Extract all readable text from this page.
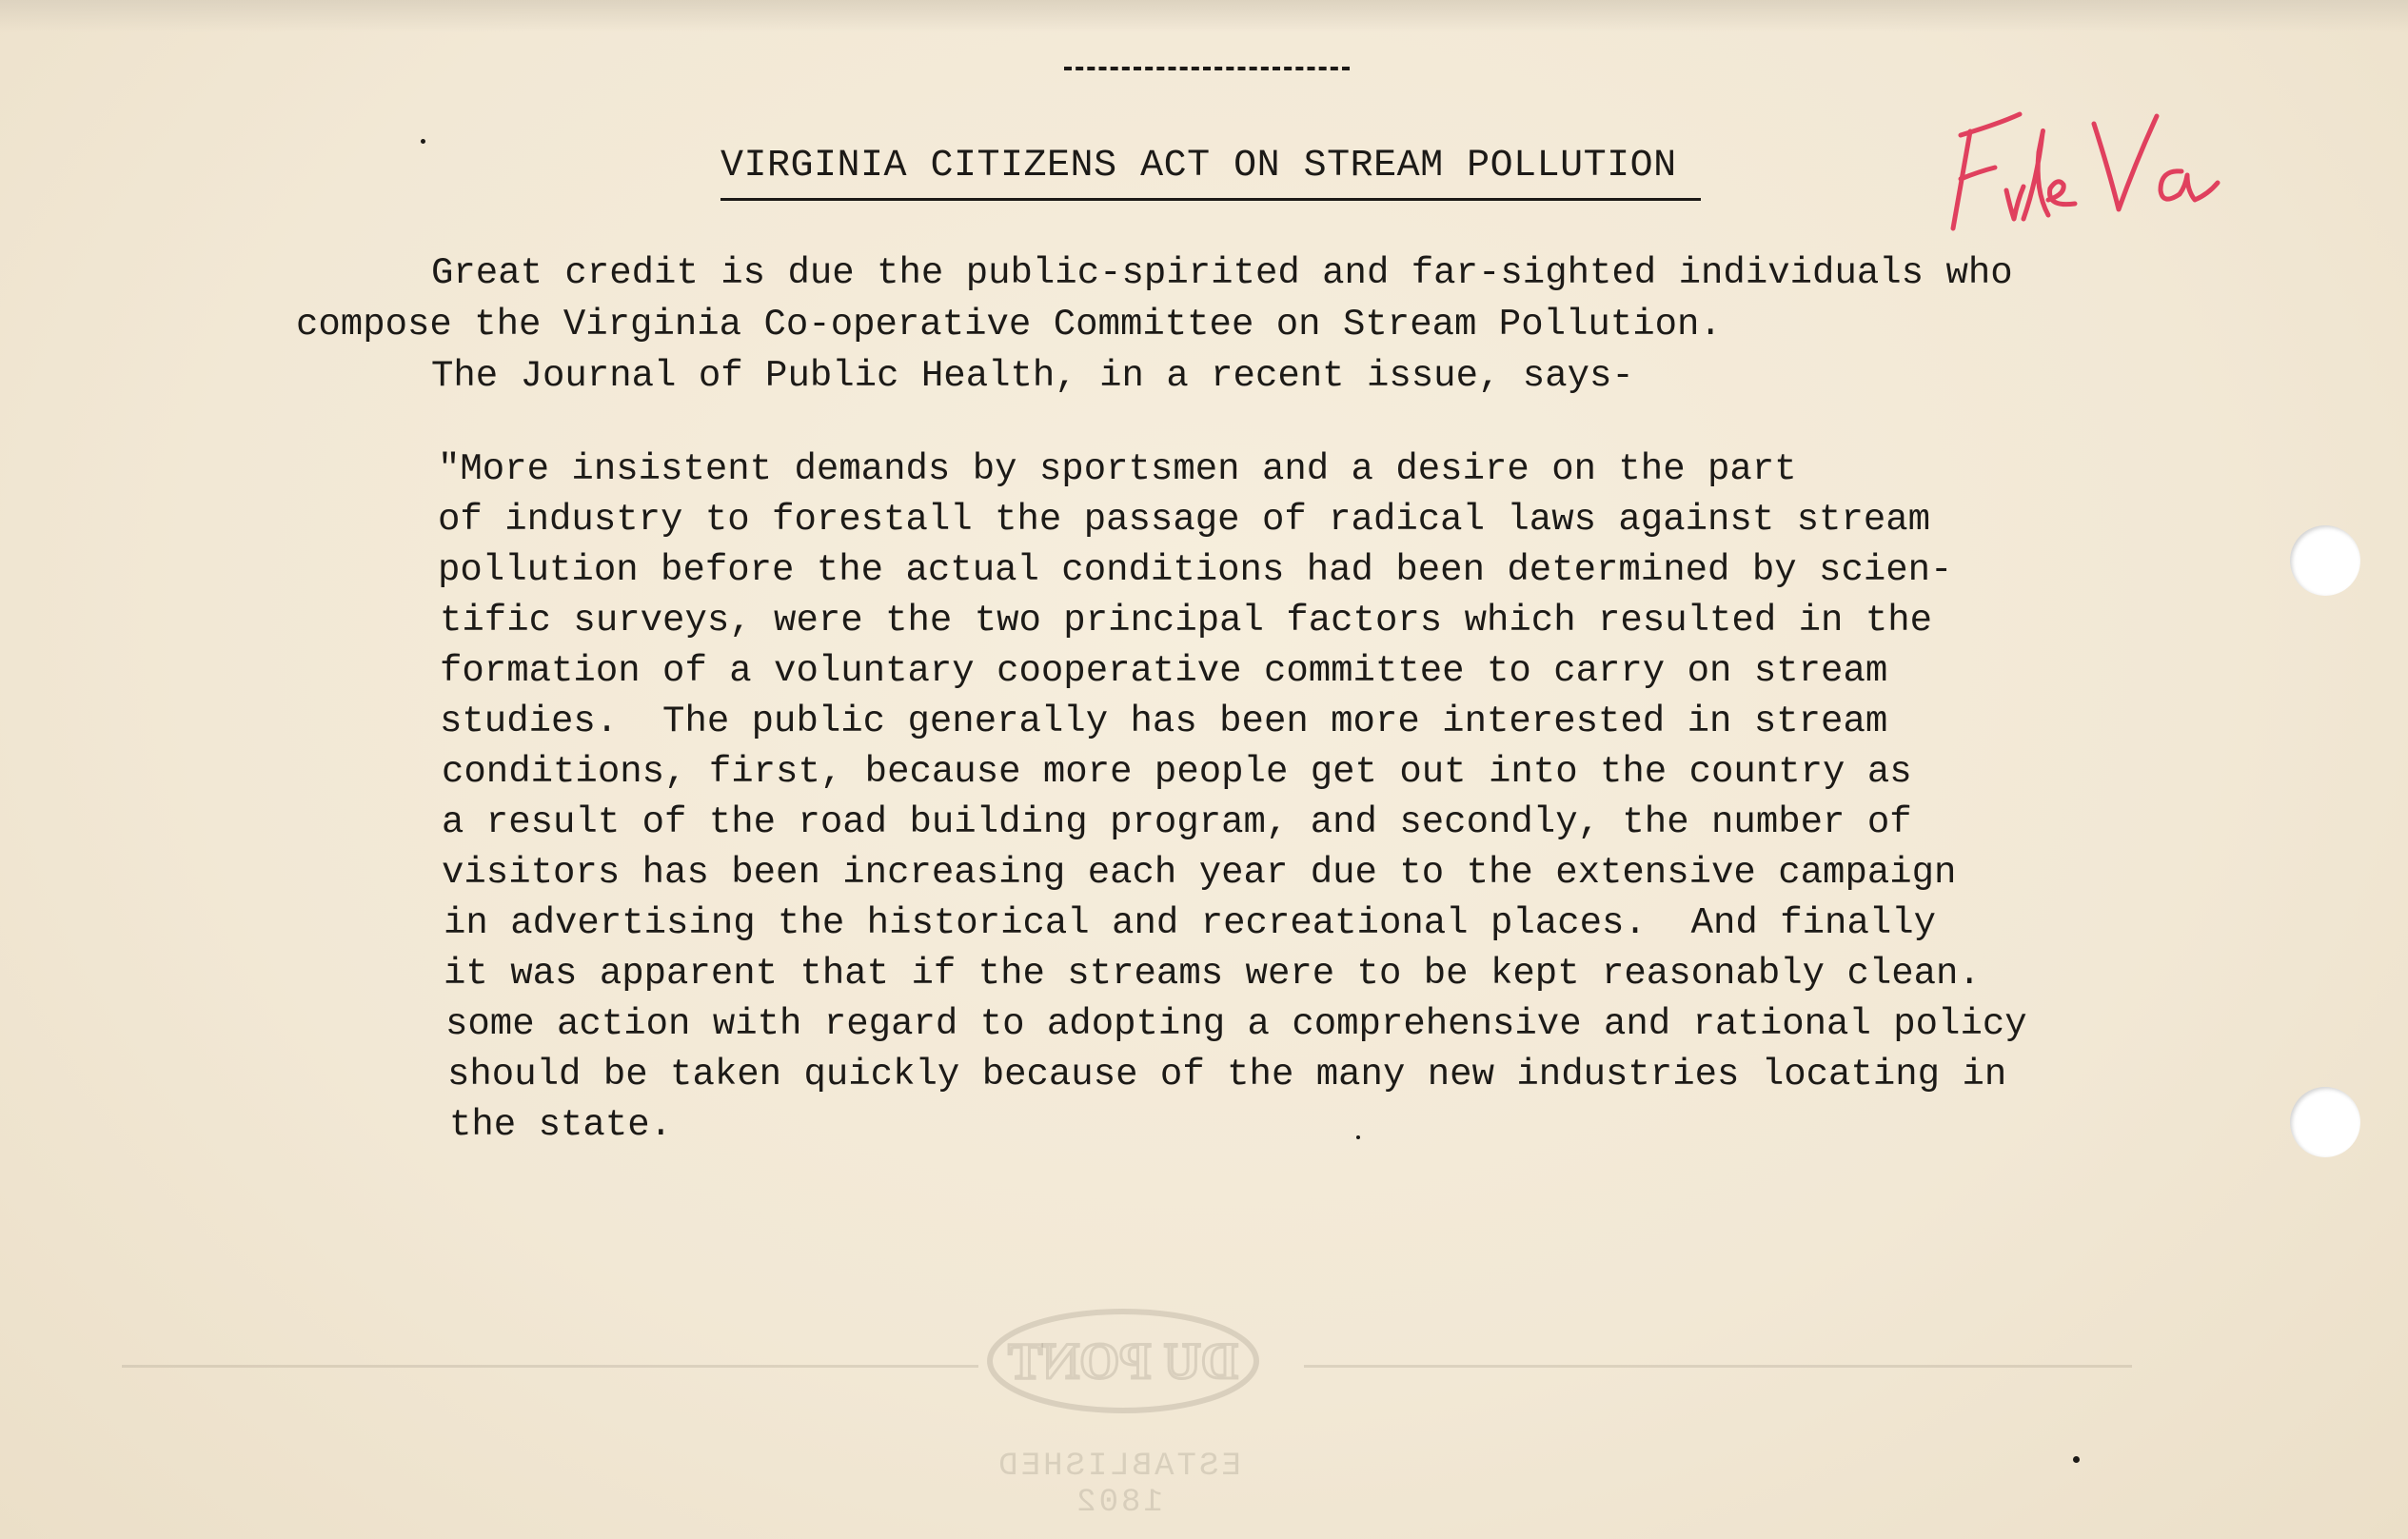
VIRGINIA CITIZENS ACT ON STREAM POLLUTION
Great credit is due the public-spirited and far-sighted individuals who
compose the Virginia Co-operative Committee on Stream Pollution.
The Journal of Public Health, in a recent issue, says-
"More insistent demands by sportsmen and a desire on the part
of industry to forestall the passage of radical laws against stream
pollution before the actual conditions had been determined by scien-
tific surveys, were the two principal factors which resulted in the
formation of a voluntary cooperative committee to carry on stream
studies.  The public generally has been more interested in stream
conditions, first, because more people get out into the country as
a result of the road building program, and secondly, the number of
visitors has been increasing each year due to the extensive campaign
in advertising the historical and recreational places.  And finally
it was apparent that if the streams were to be kept reasonably clean.
some action with regard to adopting a comprehensive and rational policy
should be taken quickly because of the many new industries locating in
the state.
DU PONT
ESTABLISHED 1802
